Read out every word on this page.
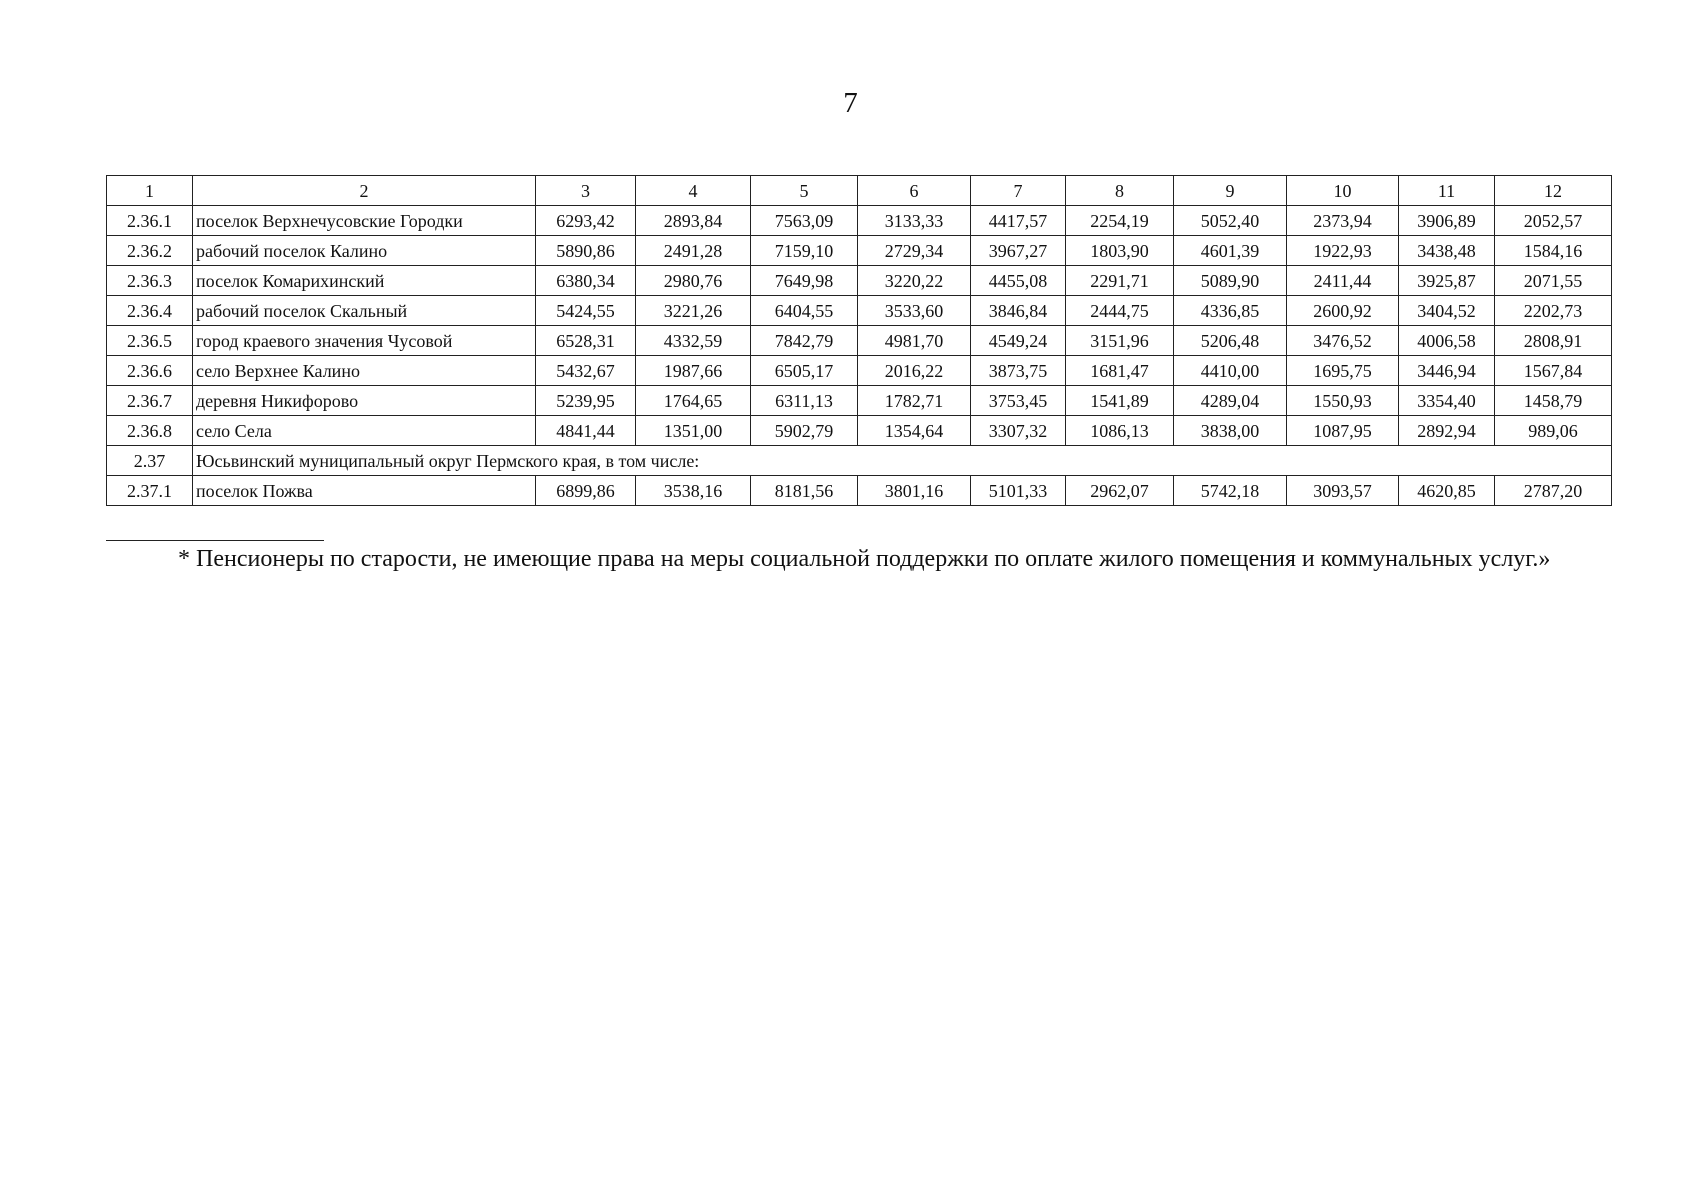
7
1	2	3	4	5	6	7	8	9	10	11	12
2.36.1	поселок Верхнечусовские Городки	6293,42	2893,84	7563,09	3133,33	4417,57	2254,19	5052,40	2373,94	3906,89	2052,57
2.36.2	рабочий поселок Калино	5890,86	2491,28	7159,10	2729,34	3967,27	1803,90	4601,39	1922,93	3438,48	1584,16
2.36.3	поселок Комарихинский	6380,34	2980,76	7649,98	3220,22	4455,08	2291,71	5089,90	2411,44	3925,87	2071,55
2.36.4	рабочий поселок Скальный	5424,55	3221,26	6404,55	3533,60	3846,84	2444,75	4336,85	2600,92	3404,52	2202,73
2.36.5	город краевого значения Чусовой	6528,31	4332,59	7842,79	4981,70	4549,24	3151,96	5206,48	3476,52	4006,58	2808,91
2.36.6	село Верхнее Калино	5432,67	1987,66	6505,17	2016,22	3873,75	1681,47	4410,00	1695,75	3446,94	1567,84
2.36.7	деревня Никифорово	5239,95	1764,65	6311,13	1782,71	3753,45	1541,89	4289,04	1550,93	3354,40	1458,79
2.36.8	село Села	4841,44	1351,00	5902,79	1354,64	3307,32	1086,13	3838,00	1087,95	2892,94	989,06
2.37	Юсьвинский муниципальный округ Пермского края, в том числе:										
2.37.1	поселок Пожва	6899,86	3538,16	8181,56	3801,16	5101,33	2962,07	5742,18	3093,57	4620,85	2787,20
* Пенсионеры по старости, не имеющие права на меры социальной поддержки по оплате жилого помещения и коммунальных услуг.»
